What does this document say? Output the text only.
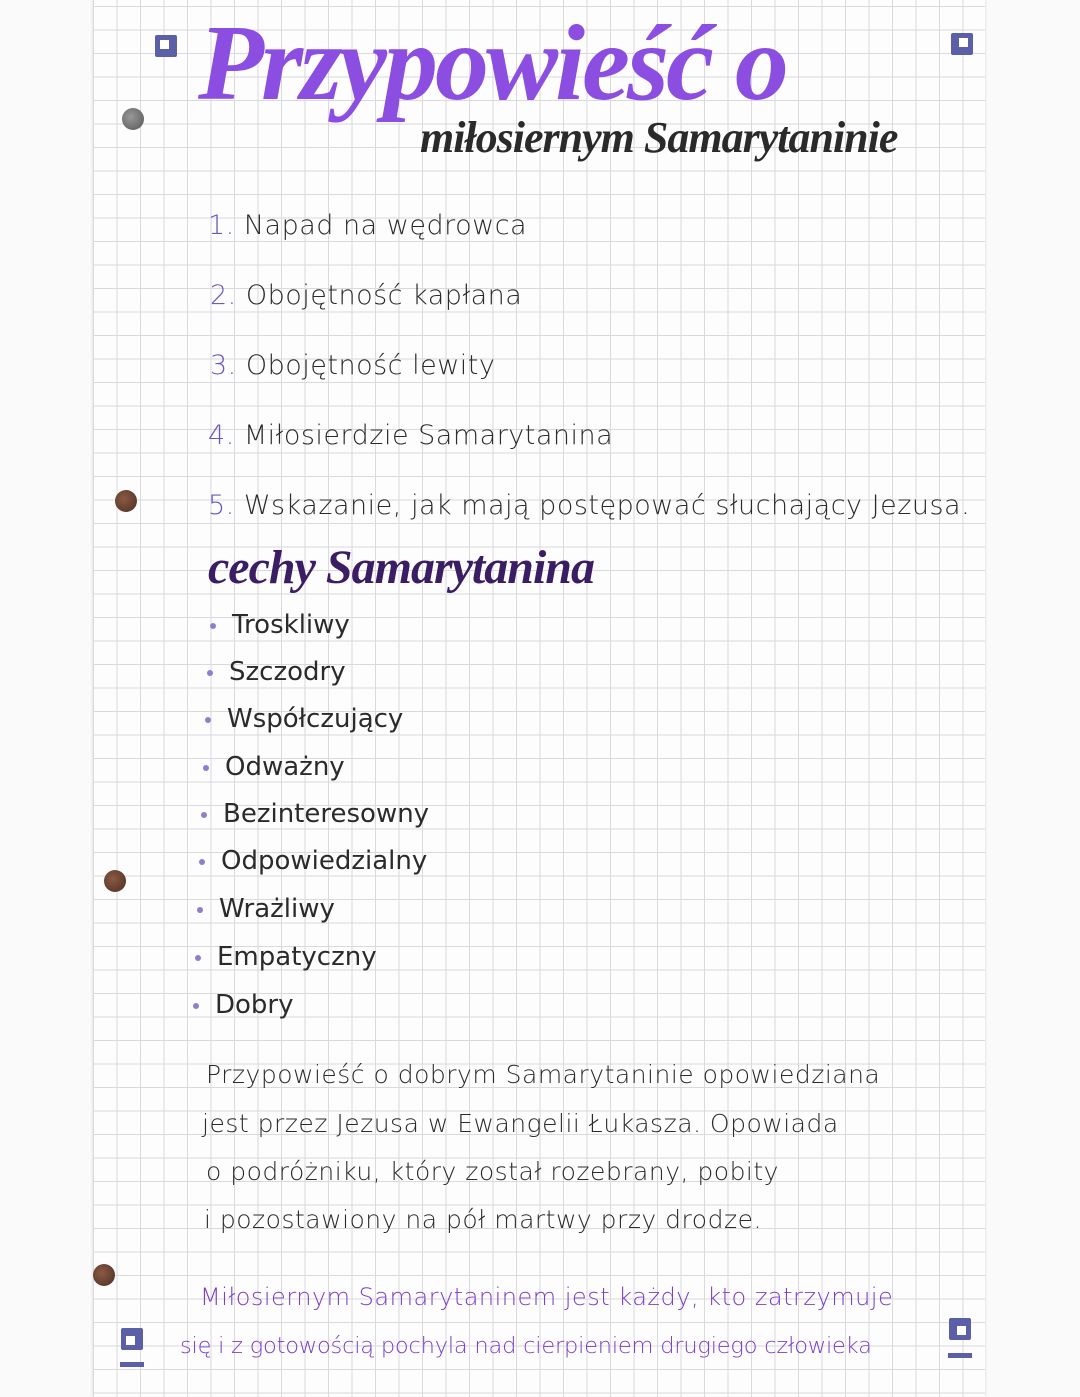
Przypowieść o
miłosiernym Samarytaninie
1. Napad na wędrowca
2. Obojętność kapłana
3. Obojętność lewity
4. Miłosierdzie Samarytanina
5. Wskazanie, jak mają postępować słuchający Jezusa.
cechy Samarytanina
Troskliwy
Szczodry
Współczujący
Odważny
Bezinteresowny
Odpowiedzialny
Wrażliwy
Empatyczny
Dobry
Przypowieść o dobrym Samarytaninie opowiedziana
jest przez Jezusa w Ewangelii Łukasza. Opowiada
o podróżniku, który został rozebrany, pobity
i pozostawiony na pół martwy przy drodze.
Miłosiernym Samarytaninem jest każdy, kto zatrzymuje
się i z gotowością pochyla nad cierpieniem drugiego człowieka
